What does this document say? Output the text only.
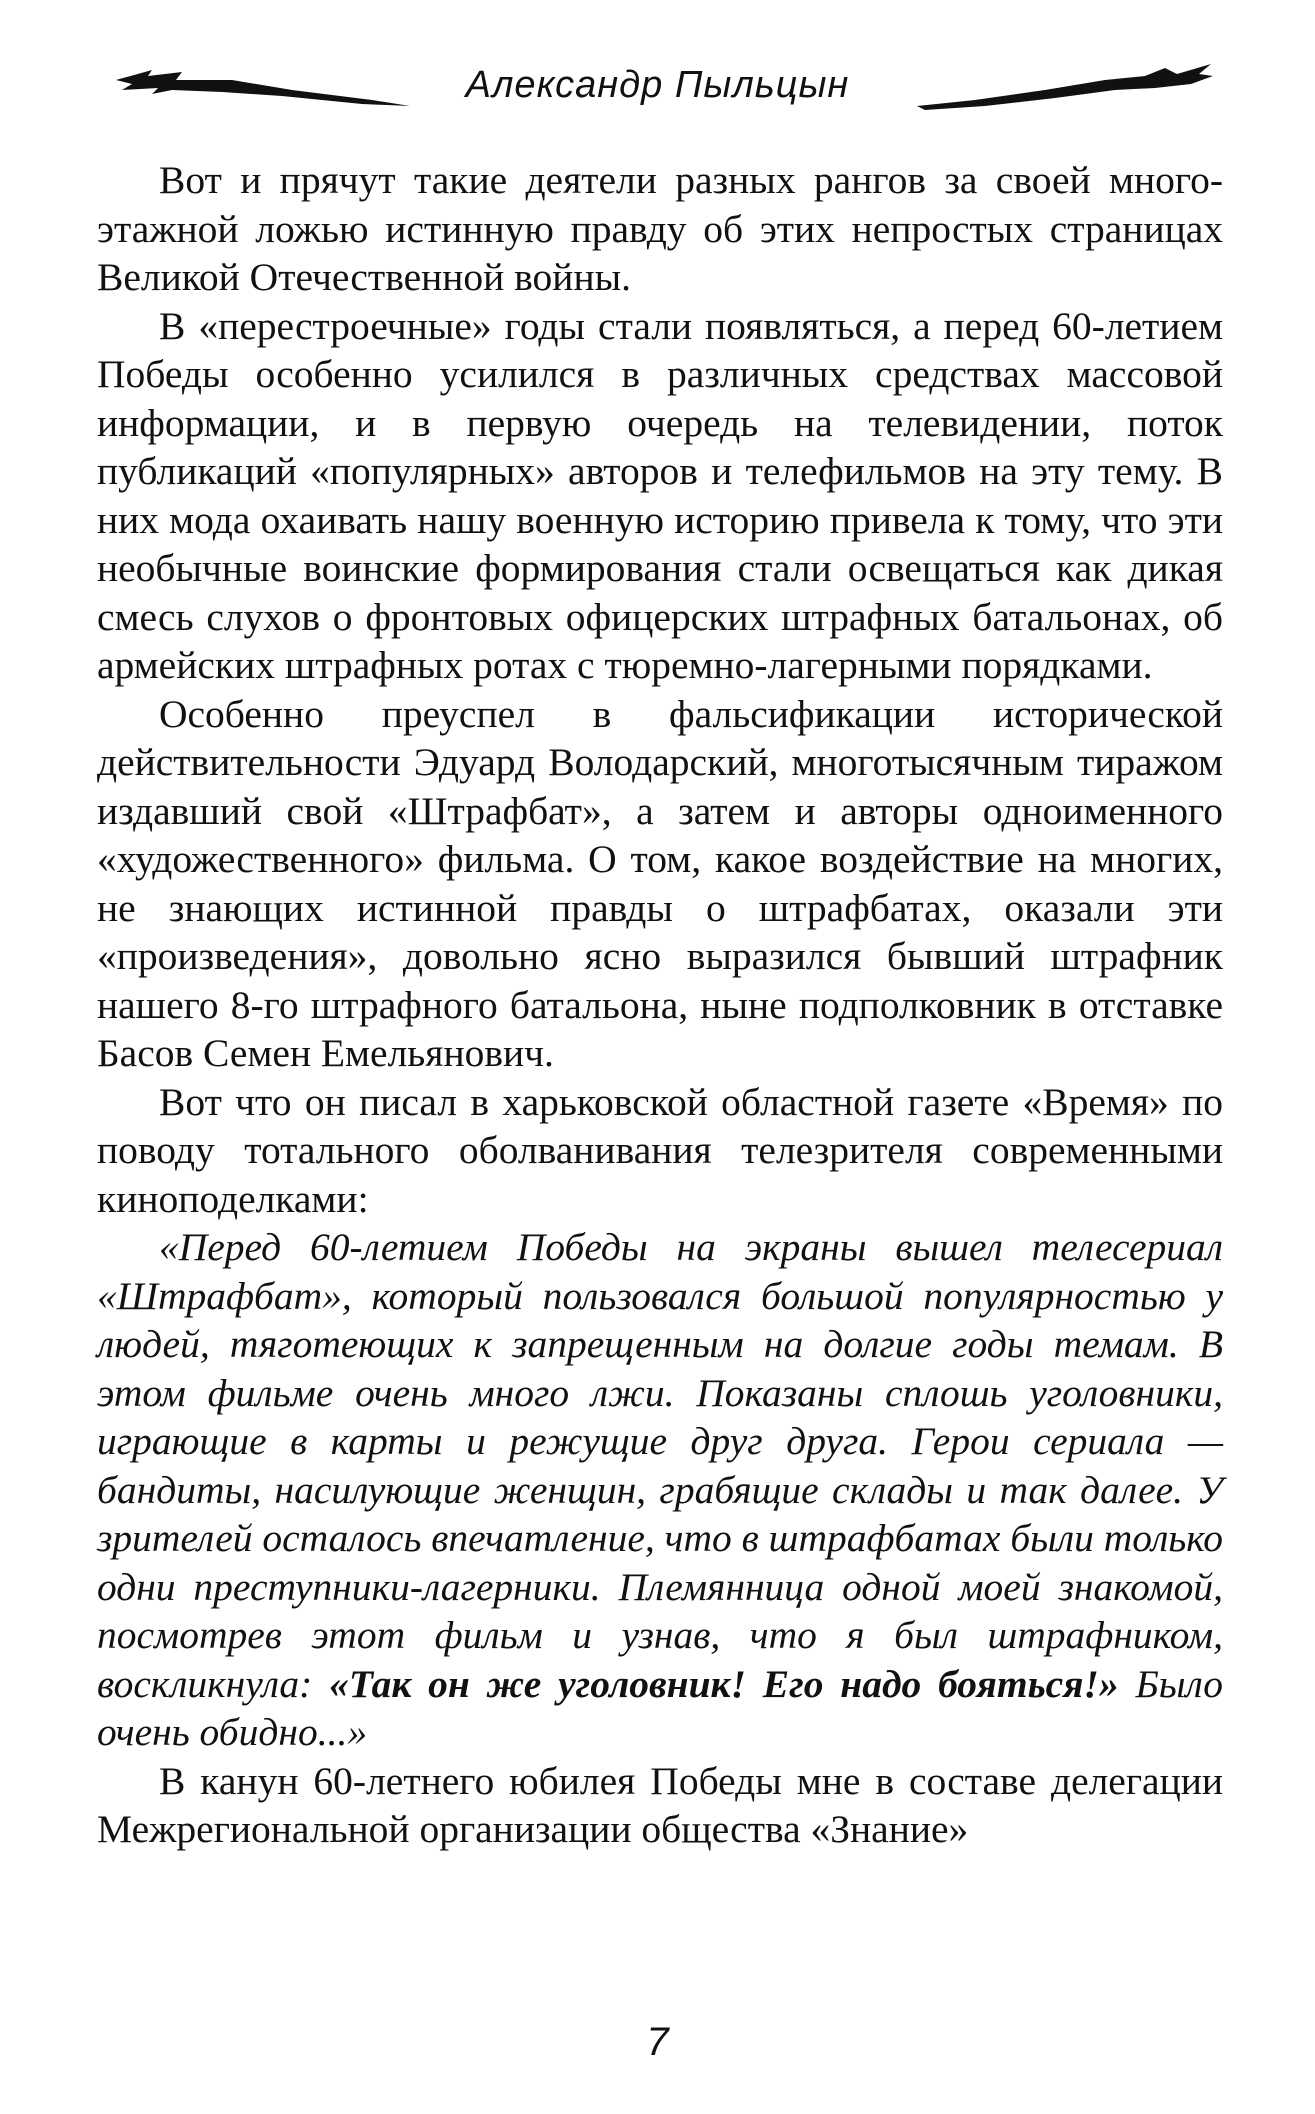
Александр Пыльцын

Вот и прячут такие деятели разных рангов за своей много-этажной ложью истинную правду об этих непростых страницах Великой Отечественной войны.

В «перестроечные» годы стали появляться, а перед 60-летием Победы особенно усилился в различных средствах массовой информации, и в первую очередь на телевидении, поток публикаций «популярных» авторов и телефильмов на эту тему. В них мода охаивать нашу военную историю привела к тому, что эти необычные воинские формирования стали освещаться как дикая смесь слухов о фронтовых офицерских штрафных батальонах, об армейских штрафных ротах с тюремно-лагерными порядками.

Особенно преуспел в фальсификации исторической действительности Эдуард Володарский, многотысячным тиражом издавший свой «Штрафбат», а затем и авторы одноименного «художественного» фильма. О том, какое воздействие на многих, не знающих истинной правды о штрафбатах, оказали эти «произведения», довольно ясно выразился бывший штрафник нашего 8-го штрафного батальона, ныне подполковник в отставке Басов Семен Емельянович.

Вот что он писал в харьковской областной газете «Время» по поводу тотального оболванивания телезрителя современными киноподелками:

«Перед 60-летием Победы на экраны вышел телесериал «Штрафбат», который пользовался большой популярностью у людей, тяготеющих к запрещенным на долгие годы темам. В этом фильме очень много лжи. Показаны сплошь уголовники, играющие в карты и режущие друг друга. Герои сериала — бандиты, насилующие женщин, грабящие склады и так далее. У зрителей осталось впечатление, что в штрафбатах были только одни преступники-лагерники. Племянница одной моей знакомой, посмотрев этот фильм и узнав, что я был штрафником, воскликнула: «Так он же уголовник! Его надо бояться!» Было очень обидно...»

В канун 60-летнего юбилея Победы мне в составе делегации Межрегиональной организации общества «Знание»

7
